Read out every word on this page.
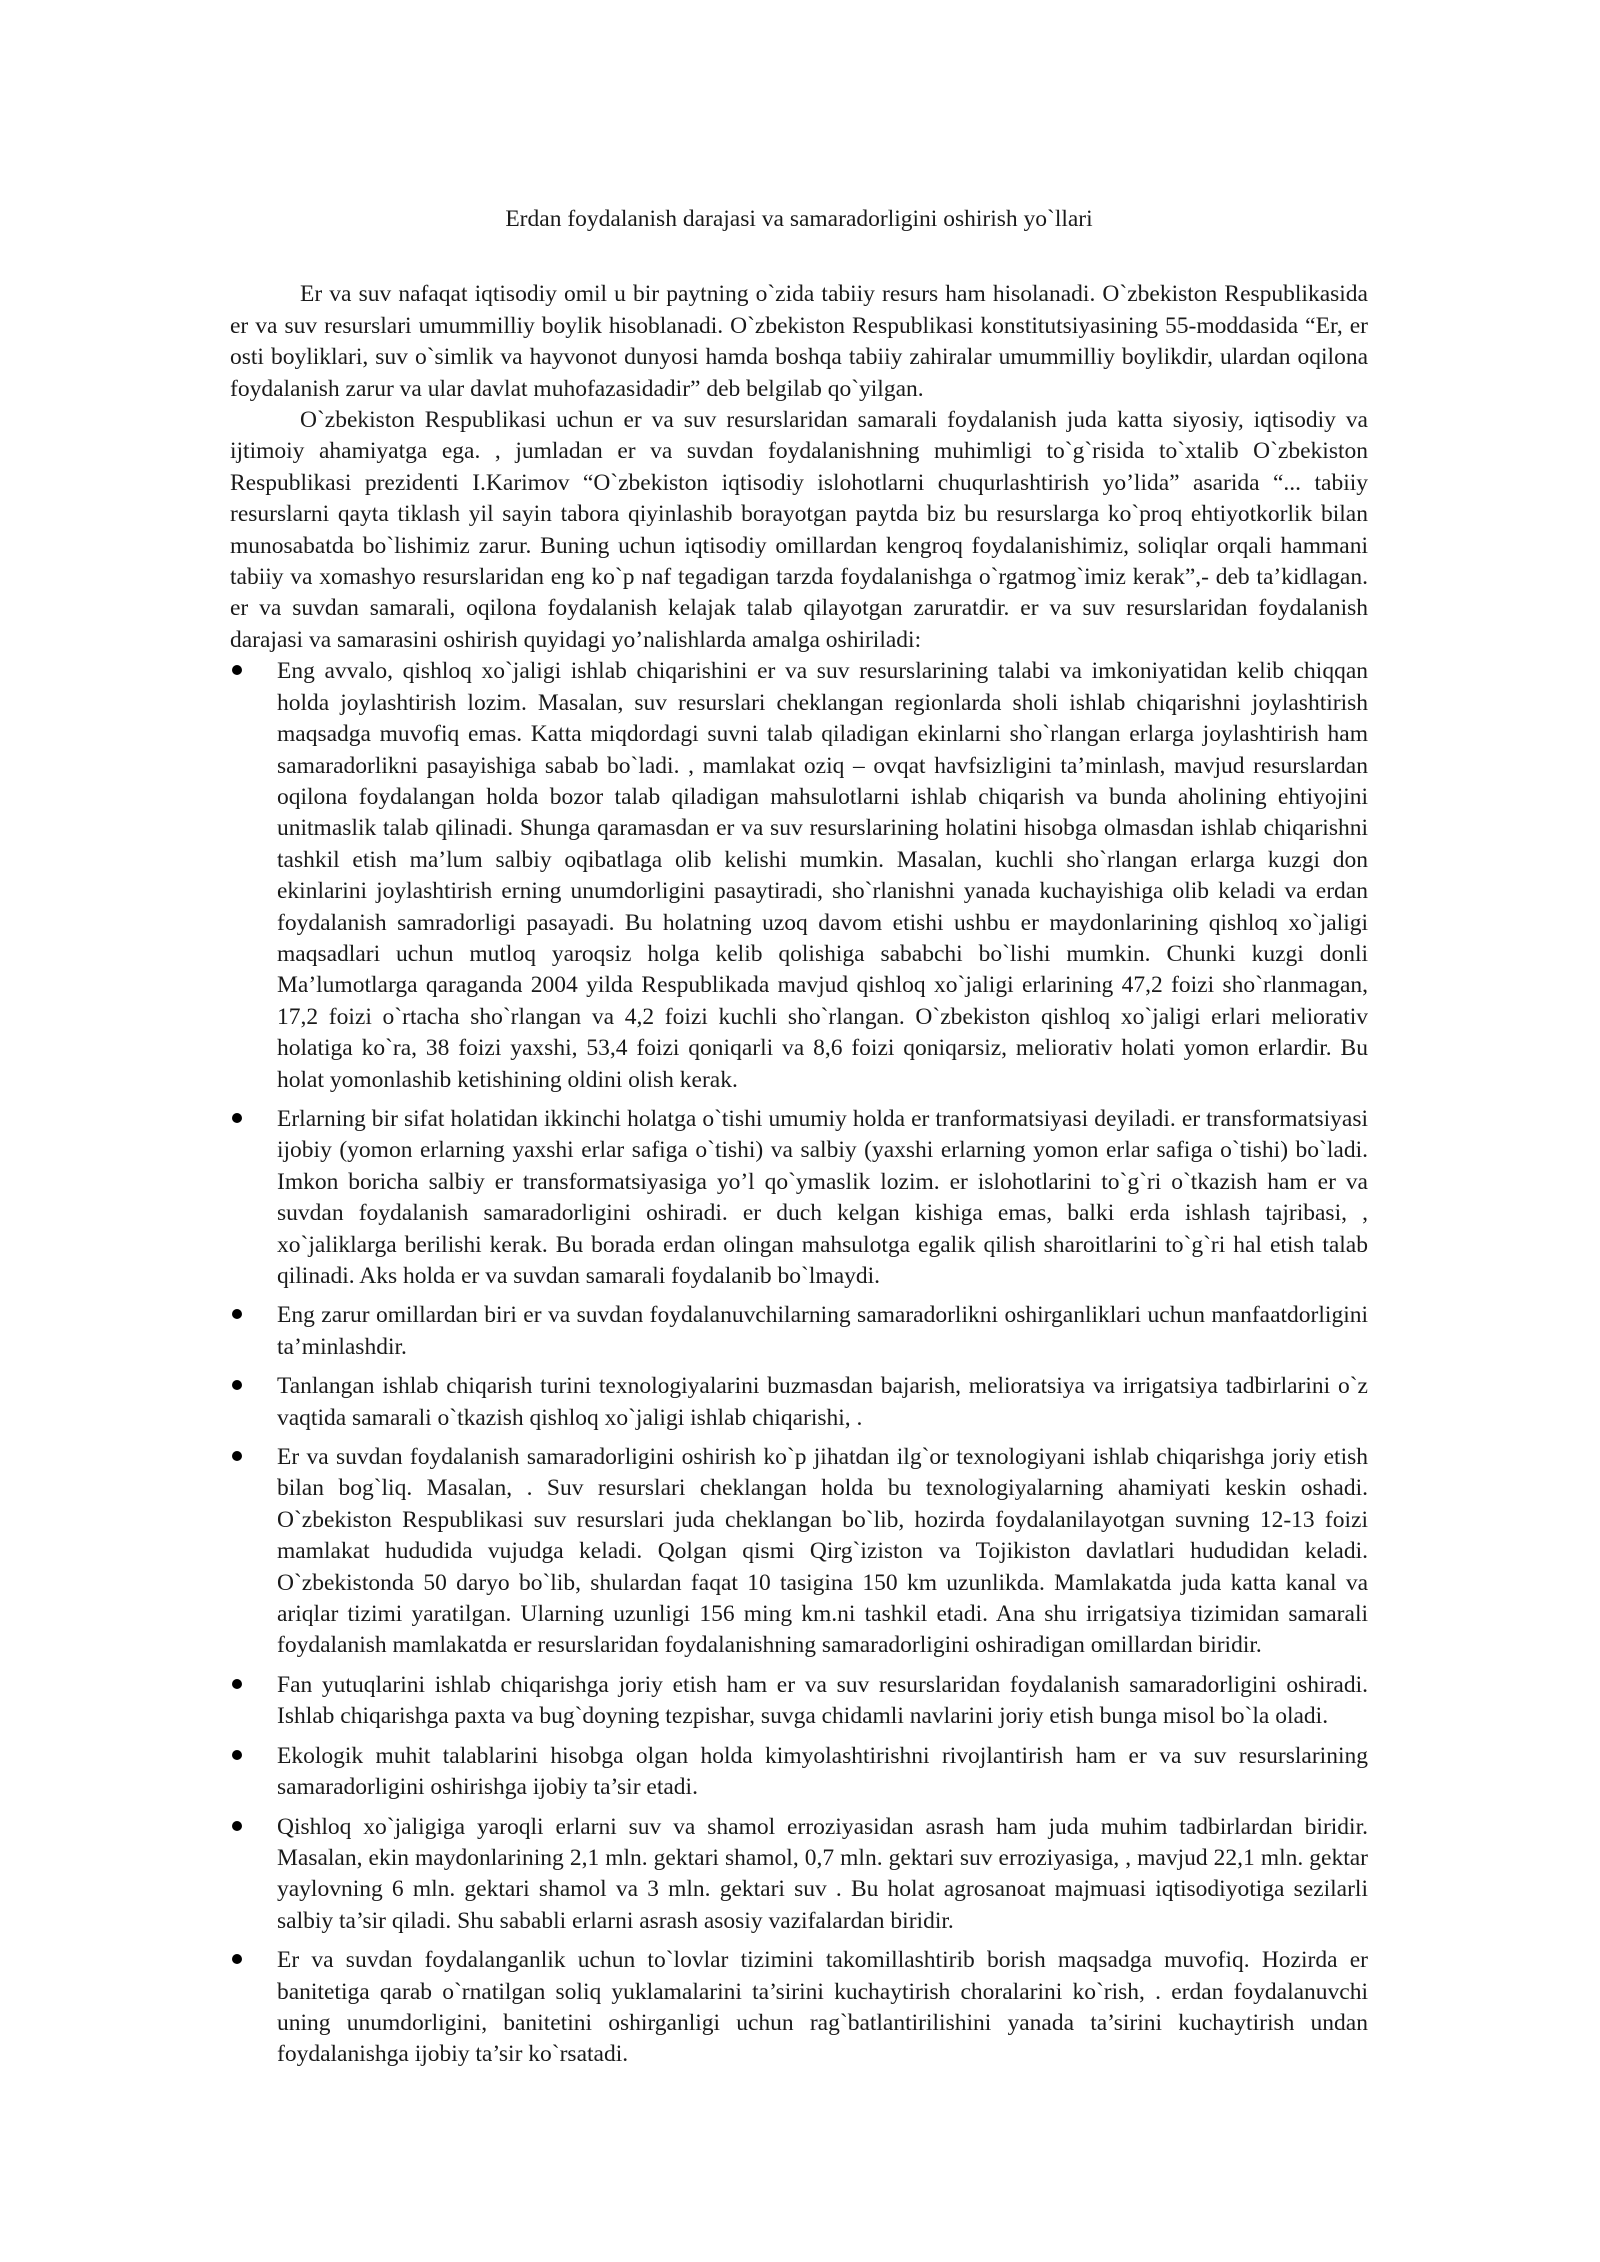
Erdan foydalanish darajasi va samaradorligini oshirish yo`llari

Er va suv nafaqat iqtisodiy omil u bir paytning o`zida tabiiy resurs ham hisolanadi. O`zbekiston Respublikasida er va suv resurslari umummilliy boylik hisoblanadi. O`zbekiston Respublikasi konstitutsiyasining 55-moddasida “Er, er osti boyliklari, suv o`simlik va hayvonot dunyosi hamda boshqa tabiiy zahiralar umummilliy boylikdir, ulardan oqilona foydalanish zarur va ular davlat muhofazasidadir” deb belgilab qo`yilgan.

O`zbekiston Respublikasi uchun er va suv resurslaridan samarali foydalanish juda katta siyosiy, iqtisodiy va ijtimoiy ahamiyatga ega. , jumladan er va suvdan foydalanishning muhimligi to`g`risida to`xtalib O`zbekiston Respublikasi prezidenti I.Karimov “O`zbekiston iqtisodiy islohotlarni chuqurlashtirish yo’lida” asarida “... tabiiy resurslarni qayta tiklash yil sayin tabora qiyinlashib borayotgan paytda biz bu resurslarga ko`proq ehtiyotkorlik bilan munosabatda bo`lishimiz zarur. Buning uchun iqtisodiy omillardan kengroq foydalanishimiz, soliqlar orqali hammani tabiiy va xomashyo resurslaridan eng ko`p naf tegadigan tarzda foydalanishga o`rgatmog`imiz kerak”,- deb ta’kidlagan. er va suvdan samarali, oqilona foydalanish kelajak talab qilayotgan zaruratdir. er va suv resurslaridan foydalanish darajasi va samarasini oshirish quyidagi yo’nalishlarda amalga oshiriladi:

Eng avvalo, qishloq xo`jaligi ishlab chiqarishini er va suv resurslarining talabi va imkoniyatidan kelib chiqqan holda joylashtirish lozim. Masalan, suv resurslari cheklangan regionlarda sholi ishlab chiqarishni joylashtirish maqsadga muvofiq emas. Katta miqdordagi suvni talab qiladigan ekinlarni sho`rlangan erlarga joylashtirish ham samaradorlikni pasayishiga sabab bo`ladi. , mamlakat oziq – ovqat havfsizligini ta’minlash, mavjud resurslardan oqilona foydalangan holda bozor talab qiladigan mahsulotlarni ishlab chiqarish va bunda aholining ehtiyojini unitmaslik talab qilinadi. Shunga qaramasdan er va suv resurslarining holatini hisobga olmasdan ishlab chiqarishni tashkil etish ma’lum salbiy oqibatlaga olib kelishi mumkin. Masalan, kuchli sho`rlangan erlarga kuzgi don ekinlarini joylashtirish erning unumdorligini pasaytiradi, sho`rlanishni yanada kuchayishiga olib keladi va erdan foydalanish samradorligi pasayadi. Bu holatning uzoq davom etishi ushbu er maydonlarining qishloq xo`jaligi maqsadlari uchun mutloq yaroqsiz holga kelib qolishiga sababchi bo`lishi mumkin. Chunki kuzgi donli Ma’lumotlarga qaraganda 2004 yilda Respublikada mavjud qishloq xo`jaligi erlarining 47,2 foizi sho`rlanmagan, 17,2 foizi o`rtacha sho`rlangan va 4,2 foizi kuchli sho`rlangan. O`zbekiston qishloq xo`jaligi erlari meliorativ holatiga ko`ra, 38 foizi yaxshi, 53,4 foizi qoniqarli va 8,6 foizi qoniqarsiz, meliorativ holati yomon erlardir. Bu holat yomonlashib ketishining oldini olish kerak.
Erlarning bir sifat holatidan ikkinchi holatga o`tishi umumiy holda er tranformatsiyasi deyiladi. er transformatsiyasi ijobiy (yomon erlarning yaxshi erlar safiga o`tishi) va salbiy (yaxshi erlarning yomon erlar safiga o`tishi) bo`ladi. Imkon boricha salbiy er transformatsiyasiga yo’l qo`ymaslik lozim. er islohotlarini to`g`ri o`tkazish ham er va suvdan foydalanish samaradorligini oshiradi. er duch kelgan kishiga emas, balki erda ishlash tajribasi, , xo`jaliklarga berilishi kerak. Bu borada erdan olingan mahsulotga egalik qilish sharoitlarini to`g`ri hal etish talab qilinadi. Aks holda er va suvdan samarali foydalanib bo`lmaydi.
Eng zarur omillardan biri er va suvdan foydalanuvchilarning samaradorlikni oshirganliklari uchun manfaatdorligini ta’minlashdir.
Tanlangan ishlab chiqarish turini texnologiyalarini buzmasdan bajarish, melioratsiya va irrigatsiya tadbirlarini o`z vaqtida samarali o`tkazish qishloq xo`jaligi ishlab chiqarishi, .
Er va suvdan foydalanish samaradorligini oshirish ko`p jihatdan ilg`or texnologiyani ishlab chiqarishga joriy etish bilan bog`liq. Masalan, . Suv resurslari cheklangan holda bu texnologiyalarning ahamiyati keskin oshadi. O`zbekiston Respublikasi suv resurslari juda cheklangan bo`lib, hozirda foydalanilayotgan suvning 12-13 foizi mamlakat hududida vujudga keladi. Qolgan qismi Qirg`iziston va Tojikiston davlatlari hududidan keladi. O`zbekistonda 50 daryo bo`lib, shulardan faqat 10 tasigina 150 km uzunlikda. Mamlakatda juda katta kanal va ariqlar tizimi yaratilgan. Ularning uzunligi 156 ming km.ni tashkil etadi. Ana shu irrigatsiya tizimidan samarali foydalanish mamlakatda er resurslaridan foydalanishning samaradorligini oshiradigan omillardan biridir.
Fan yutuqlarini ishlab chiqarishga joriy etish ham er va suv resurslaridan foydalanish samaradorligini oshiradi. Ishlab chiqarishga paxta va bug`doyning tezpishar, suvga chidamli navlarini joriy etish bunga misol bo`la oladi.
Ekologik muhit talablarini hisobga olgan holda kimyolashtirishni rivojlantirish ham er va suv resurslarining samaradorligini oshirishga ijobiy ta’sir etadi.
Qishloq xo`jaligiga yaroqli erlarni suv va shamol erroziyasidan asrash ham juda muhim tadbirlardan biridir. Masalan, ekin maydonlarining 2,1 mln. gektari shamol, 0,7 mln. gektari suv erroziyasiga, , mavjud 22,1 mln. gektar yaylovning 6 mln. gektari shamol va 3 mln. gektari suv . Bu holat agrosanoat majmuasi iqtisodiyotiga sezilarli salbiy ta’sir qiladi. Shu sababli erlarni asrash asosiy vazifalardan biridir.
Er va suvdan foydalanganlik uchun to`lovlar tizimini takomillashtirib borish maqsadga muvofiq. Hozirda er banitetiga qarab o`rnatilgan soliq yuklamalarini ta’sirini kuchaytirish choralarini ko`rish, . erdan foydalanuvchi uning unumdorligini, banitetini oshirganligi uchun rag`batlantirilishini yanada ta’sirini kuchaytirish undan foydalanishga ijobiy ta’sir ko`rsatadi.
